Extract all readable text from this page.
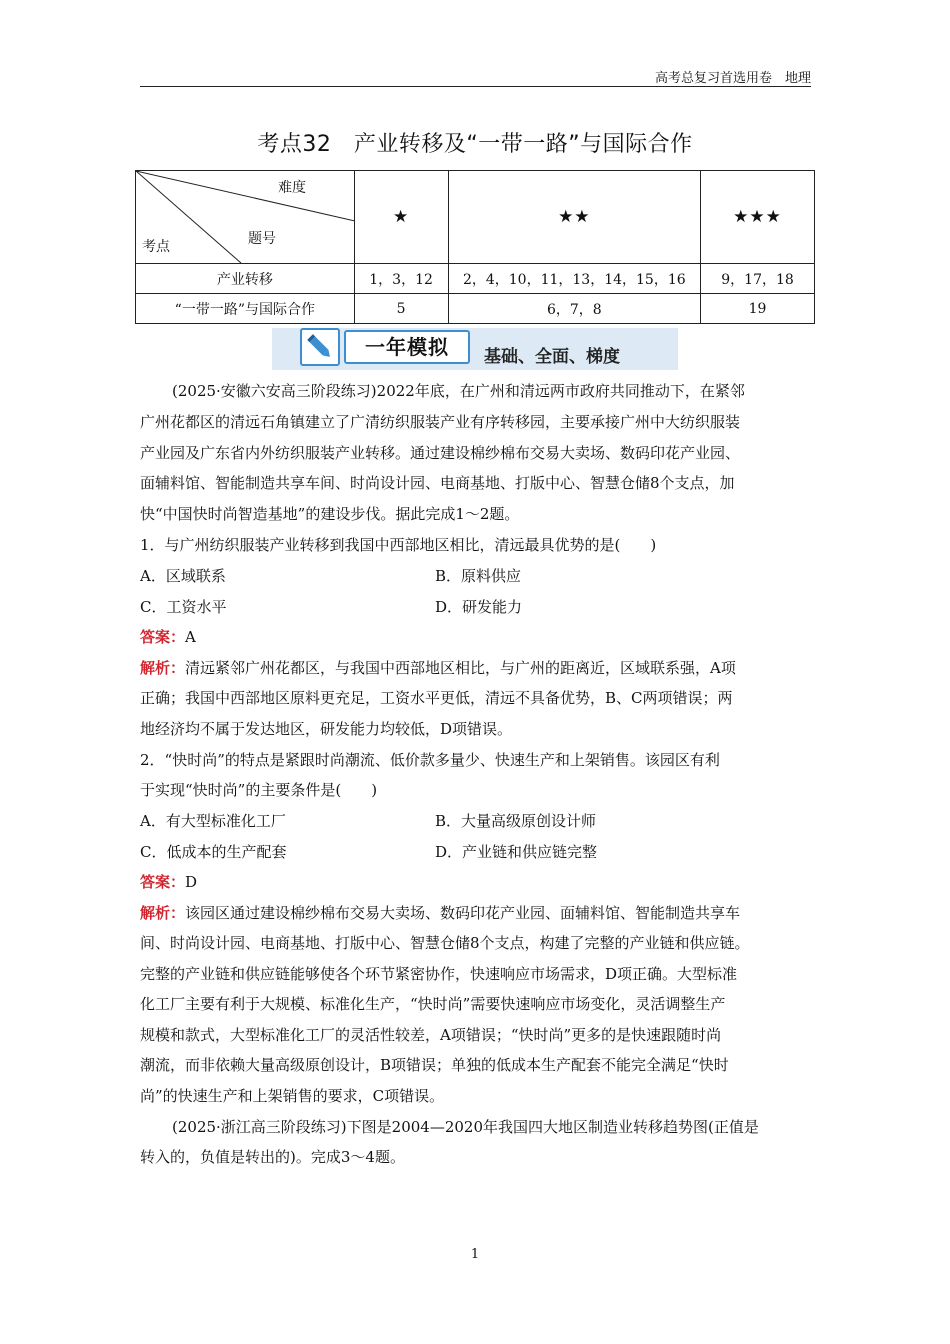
高考总复习首选用卷　地理
考点32　产业转移及“一带一路”与国际合作
难度
题号
考点	★	★★	★★★
产业转移	1，3，12	2，4，10，11，13，14，15，16	9，17，18
“一带一路”与国际合作	5	6，7，8	19
一年模拟	基础、全面、梯度
(2025·安徽六安高三阶段练习)2022年底，在广州和清远两市政府共同推动下，在紧邻
广州花都区的清远石角镇建立了广清纺织服装产业有序转移园，主要承接广州中大纺织服装
产业园及广东省内外纺织服装产业转移。通过建设棉纱棉布交易大卖场、数码印花产业园、
面辅料馆、智能制造共享车间、时尚设计园、电商基地、打版中心、智慧仓储8个支点，加
快“中国快时尚智造基地”的建设步伐。据此完成1～2题。
1．与广州纺织服装产业转移到我国中西部地区相比，清远最具优势的是(　　)
A．区域联系	B．原料供应
C．工资水平	D．研发能力
答案：A
解析：清远紧邻广州花都区，与我国中西部地区相比，与广州的距离近，区域联系强，A项
正确；我国中西部地区原料更充足，工资水平更低，清远不具备优势，B、C两项错误；两
地经济均不属于发达地区，研发能力均较低，D项错误。
2．“快时尚”的特点是紧跟时尚潮流、低价款多量少、快速生产和上架销售。该园区有利
于实现“快时尚”的主要条件是(　　)
A．有大型标准化工厂	B．大量高级原创设计师
C．低成本的生产配套	D．产业链和供应链完整
答案：D
解析：该园区通过建设棉纱棉布交易大卖场、数码印花产业园、面辅料馆、智能制造共享车
间、时尚设计园、电商基地、打版中心、智慧仓储8个支点，构建了完整的产业链和供应链。
完整的产业链和供应链能够使各个环节紧密协作，快速响应市场需求，D项正确。大型标准
化工厂主要有利于大规模、标准化生产，“快时尚”需要快速响应市场变化，灵活调整生产
规模和款式，大型标准化工厂的灵活性较差，A项错误；“快时尚”更多的是快速跟随时尚
潮流，而非依赖大量高级原创设计，B项错误；单独的低成本生产配套不能完全满足“快时
尚”的快速生产和上架销售的要求，C项错误。
(2025·浙江高三阶段练习)下图是2004—2020年我国四大地区制造业转移趋势图(正值是
转入的，负值是转出的)。完成3～4题。
1
